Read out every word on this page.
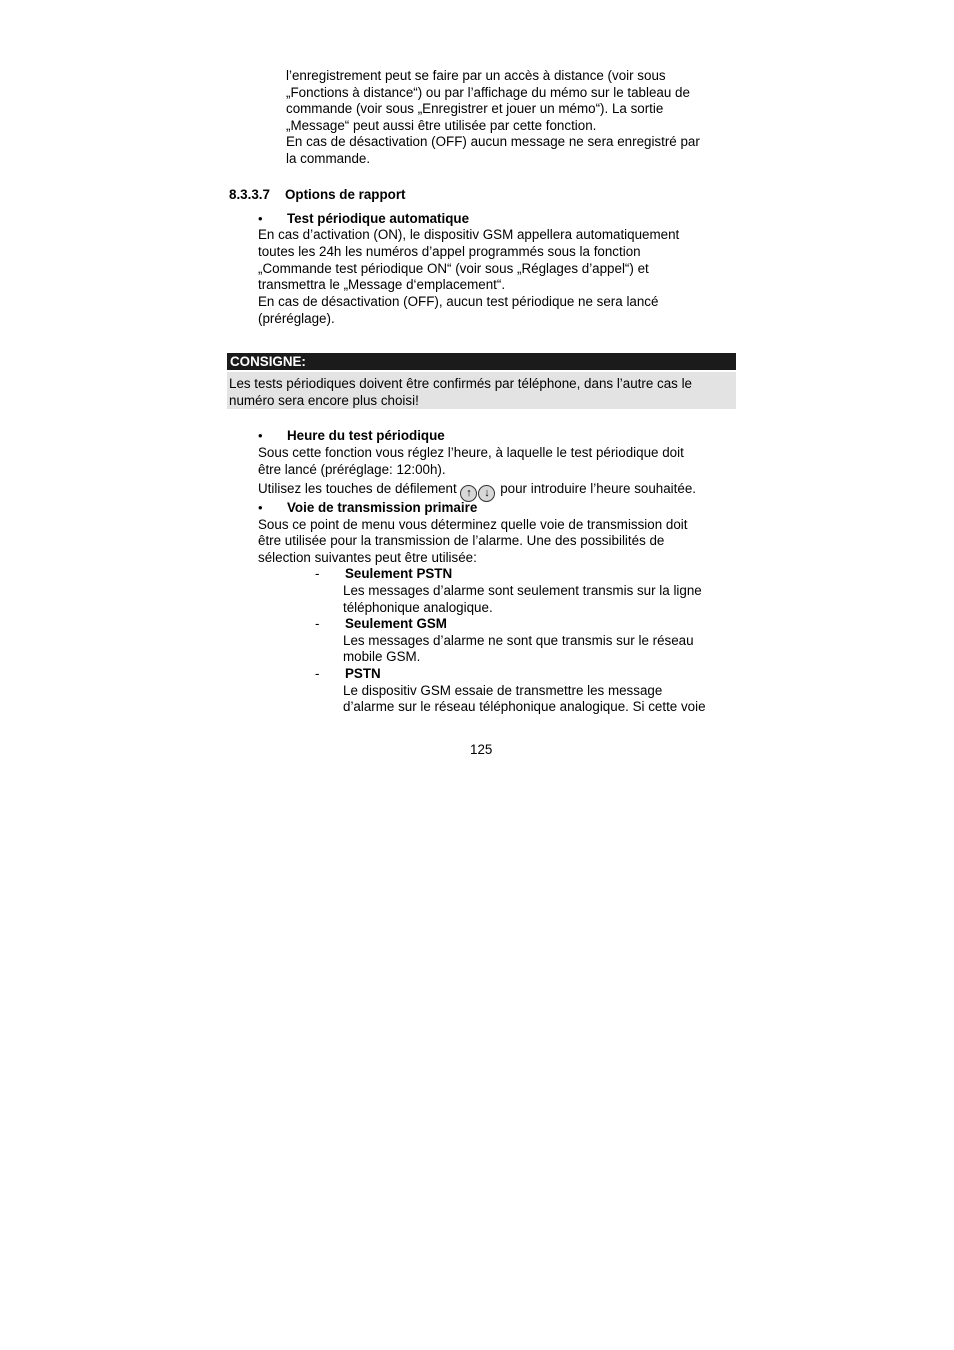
l’enregistrement peut se faire par un accès à distance (voir sous
„Fonctions à distance“) ou par l’affichage du mémo sur le tableau de
commande (voir sous „Enregistrer et jouer un mémo“). La sortie
„Message“ peut aussi être utilisée par cette fonction.
En cas de désactivation (OFF) aucun message ne sera enregistré par
la commande.
8.3.3.7 Options de rapport
• Test périodique automatique
En cas d’activation (ON), le dispositiv GSM appellera automatiquement
toutes les 24h les numéros d’appel programmés sous la fonction
„Commande test périodique ON“ (voir sous „Réglages d’appel“) et
transmettra le „Message d‘emplacement“.
En cas de désactivation (OFF), aucun test périodique ne sera lancé
(préréglage).
CONSIGNE:
Les tests périodiques doivent être confirmés par téléphone, dans l’autre cas le
numéro sera encore plus choisi!
• Heure du test périodique
Sous cette fonction vous réglez l’heure, à laquelle le test périodique doit
être lancé (préréglage: 12:00h).
Utilisez les touches de défilement ↑ ↓ pour introduire l’heure souhaitée.
• Voie de transmission primaire
Sous ce point de menu vous déterminez quelle voie de transmission doit
être utilisée pour la transmission de l’alarme. Une des possibilités de
sélection suivantes peut être utilisée:
- Seulement PSTN
Les messages d’alarme sont seulement transmis sur la ligne
téléphonique analogique.
- Seulement GSM
Les messages d’alarme ne sont que transmis sur le réseau
mobile GSM.
- PSTN
Le dispositiv GSM essaie de transmettre les message
d’alarme sur le réseau téléphonique analogique. Si cette voie
125
